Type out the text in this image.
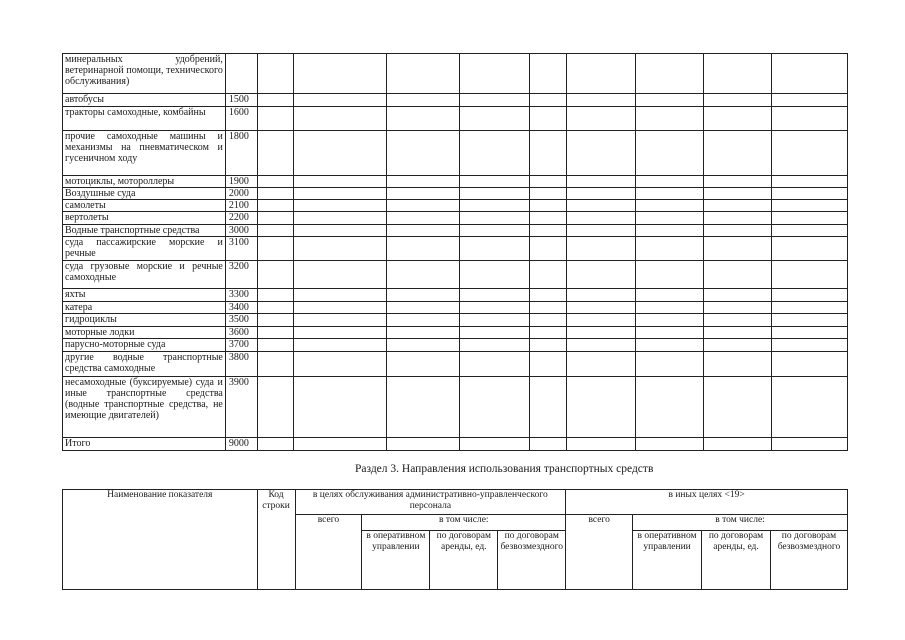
минеральных удобрений, ветеринарной помощи, технического обслуживания)										
автобусы	1500									
тракторы самоходные, комбайны	1600									
прочие самоходные машины и механизмы на пневматическом и гусеничном ходу	1800									
мотоциклы, мотороллеры	1900									
Воздушные суда	2000									
самолеты	2100									
вертолеты	2200									
Водные транспортные средства	3000									
суда пассажирские морские и речные	3100									
суда грузовые морские и речные самоходные	3200									
яхты	3300									
катера	3400									
гидроциклы	3500									
моторные лодки	3600									
парусно-моторные суда	3700									
другие водные транспортные средства самоходные	3800									
несамоходные (буксируемые) суда и иные транспортные средства (водные транспортные средства, не имеющие двигателей)	3900									
Итого	9000									
Раздел 3. Направления использования транспортных средств
Наименование показателя	Код строки	в целях обслуживания административно-управленческого персонала				в иных целях <19>			
		всего	в том числе:			всего	в том числе:		
			в оперативном управлении	по договорам аренды, ед.	по договорам безвозмездного		в оперативном управлении	по договорам аренды, ед.	по договорам безвозмездного
